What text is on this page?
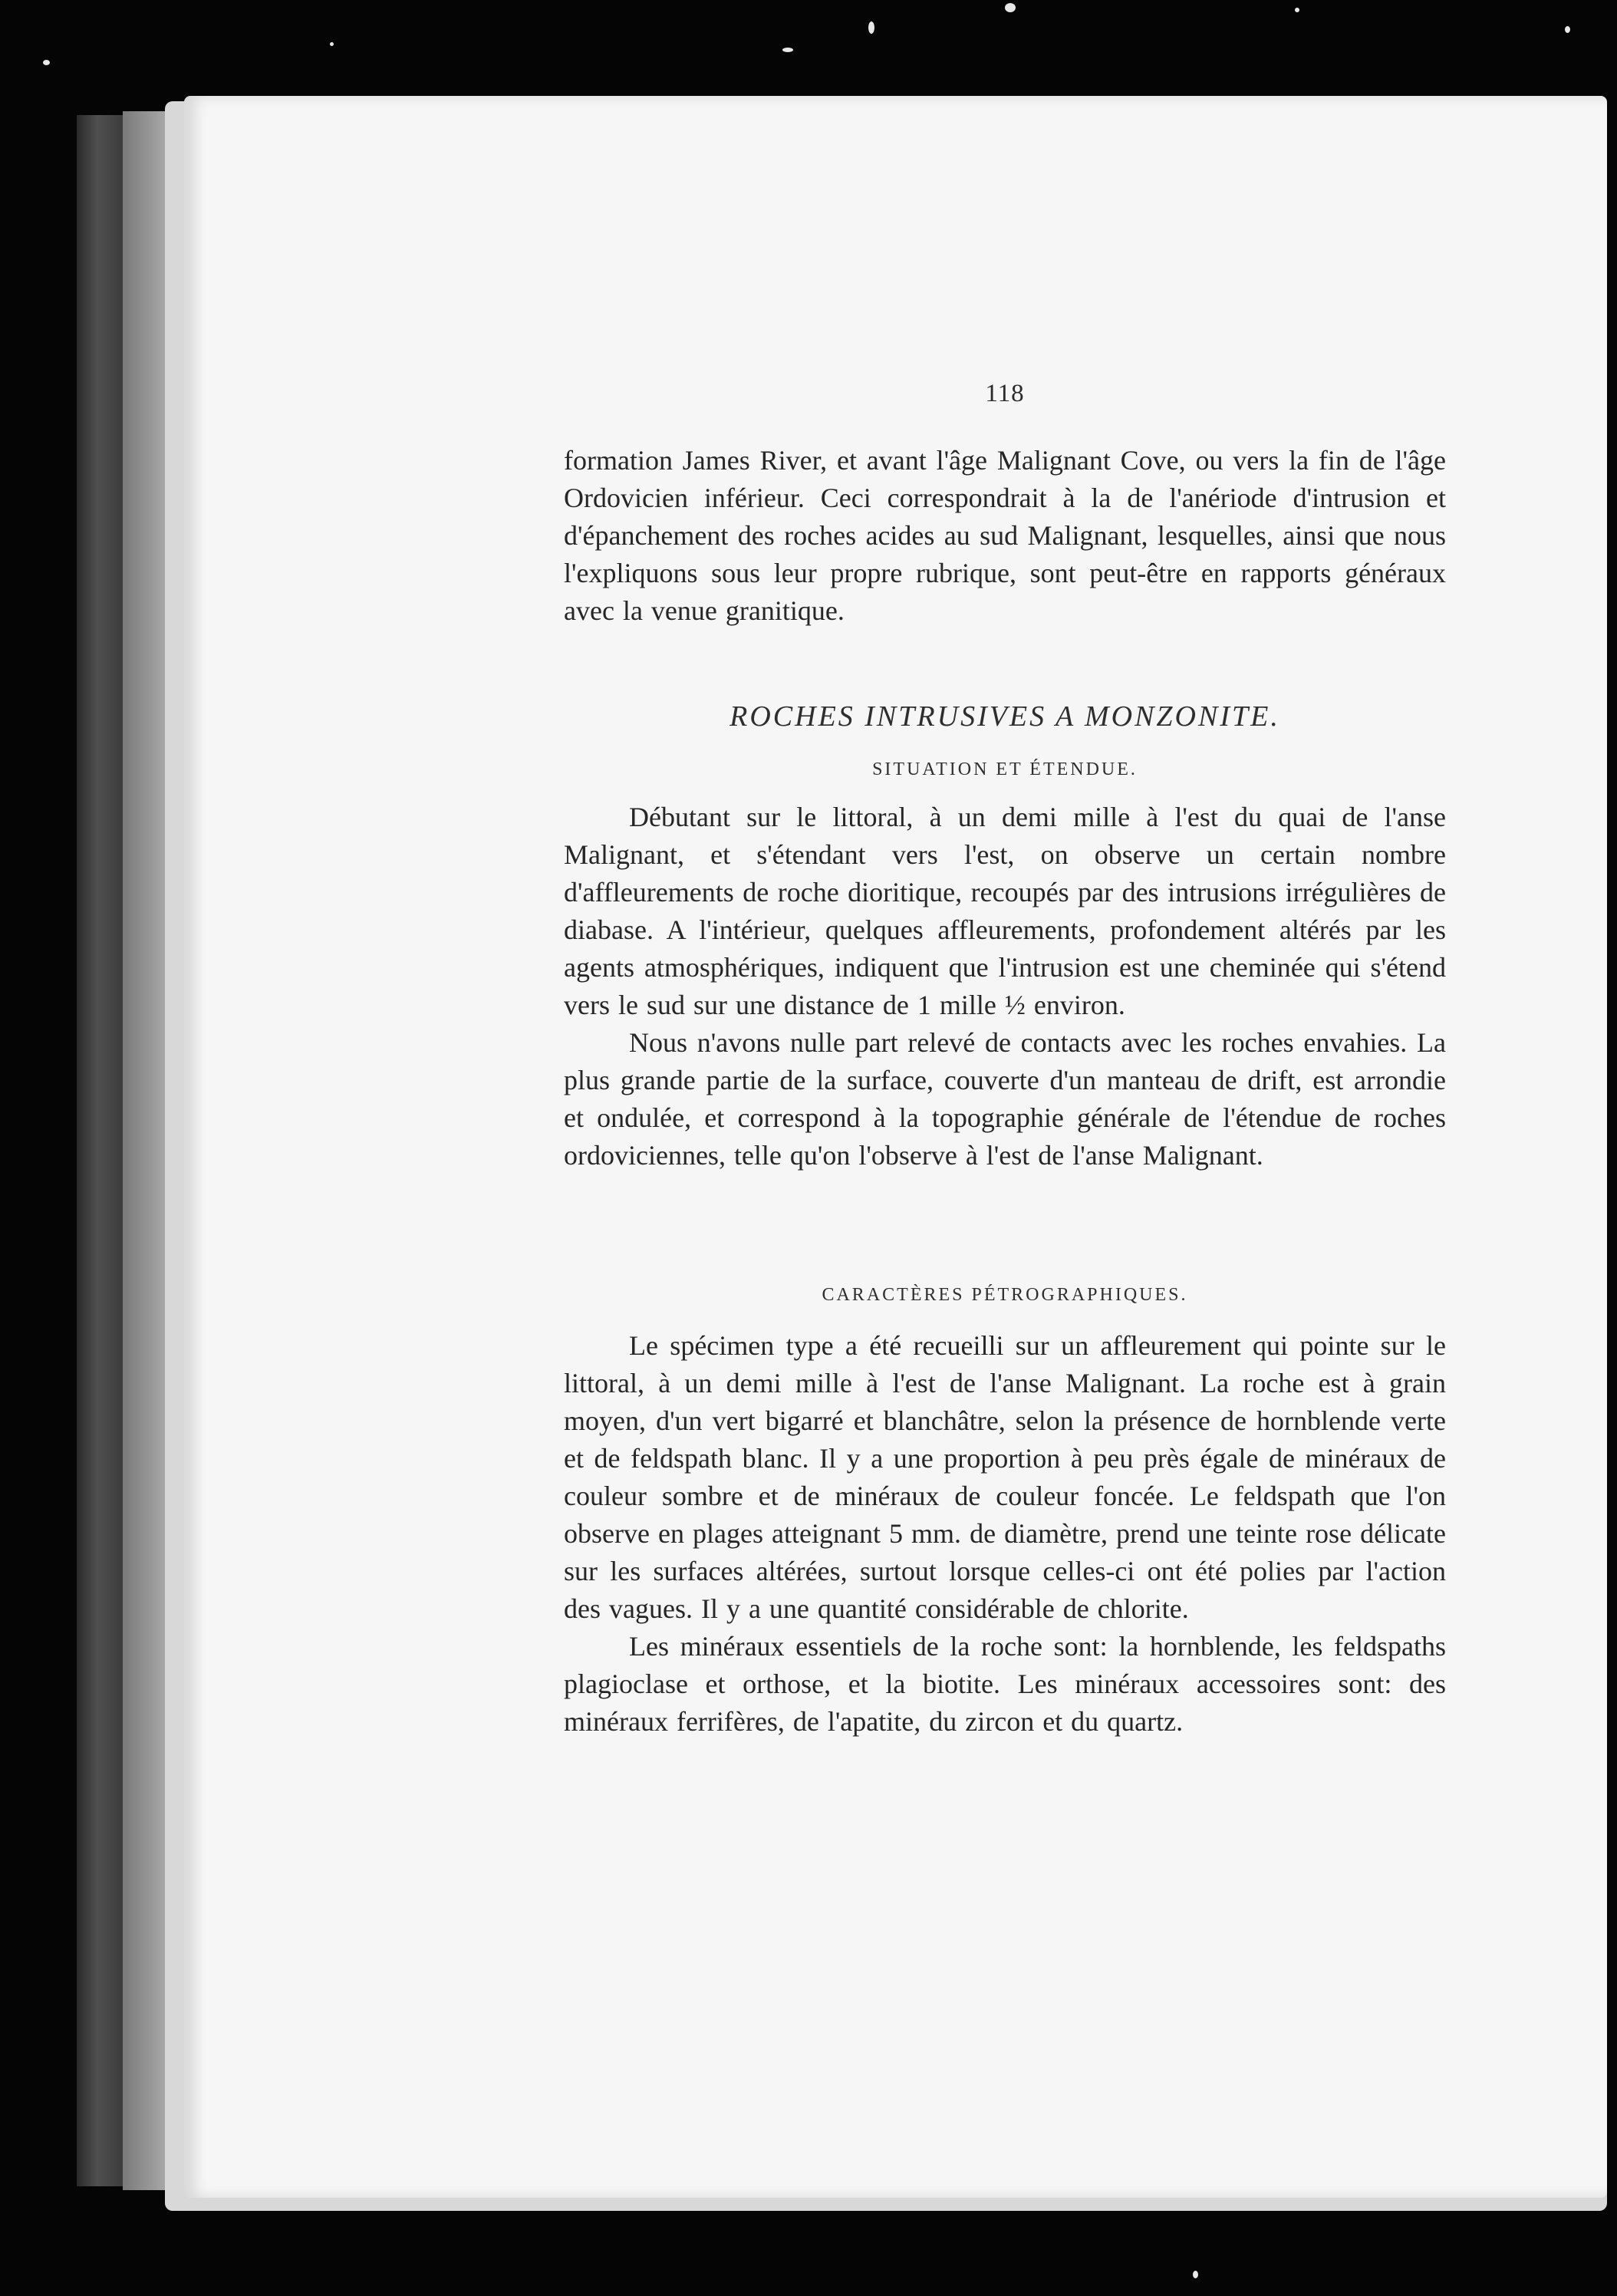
118

formation James River, et avant l'âge Malignant Cove, ou vers la fin de l'âge Ordovicien inférieur. Ceci correspondrait à la de l'anériode d'intrusion et d'épanchement des roches acides au sud Malignant, lesquelles, ainsi que nous l'expliquons sous leur propre rubrique, sont peut-être en rapports généraux avec la venue granitique.

ROCHES INTRUSIVES A MONZONITE.
SITUATION ET ÉTENDUE.

Débutant sur le littoral, à un demi mille à l'est du quai de l'anse Malignant, et s'étendant vers l'est, on observe un certain nombre d'affleurements de roche dioritique, recoupés par des intrusions irrégulières de diabase. A l'intérieur, quelques affleurements, profondement altérés par les agents atmosphériques, indiquent que l'intrusion est une cheminée qui s'étend vers le sud sur une distance de 1 mille ½ environ.

Nous n'avons nulle part relevé de contacts avec les roches envahies. La plus grande partie de la surface, couverte d'un manteau de drift, est arrondie et ondulée, et correspond à la topographie générale de l'étendue de roches ordoviciennes, telle qu'on l'observe à l'est de l'anse Malignant.

CARACTÈRES PÉTROGRAPHIQUES.

Le spécimen type a été recueilli sur un affleurement qui pointe sur le littoral, à un demi mille à l'est de l'anse Malignant. La roche est à grain moyen, d'un vert bigarré et blanchâtre, selon la présence de hornblende verte et de feldspath blanc. Il y a une proportion à peu près égale de minéraux de couleur sombre et de minéraux de couleur foncée. Le feldspath que l'on observe en plages atteignant 5 mm. de diamètre, prend une teinte rose délicate sur les surfaces altérées, surtout lorsque celles-ci ont été polies par l'action des vagues. Il y a une quantité considérable de chlorite.

Les minéraux essentiels de la roche sont: la hornblende, les feldspaths plagioclase et orthose, et la biotite. Les minéraux accessoires sont: des minéraux ferrifères, de l'apatite, du zircon et du quartz.
